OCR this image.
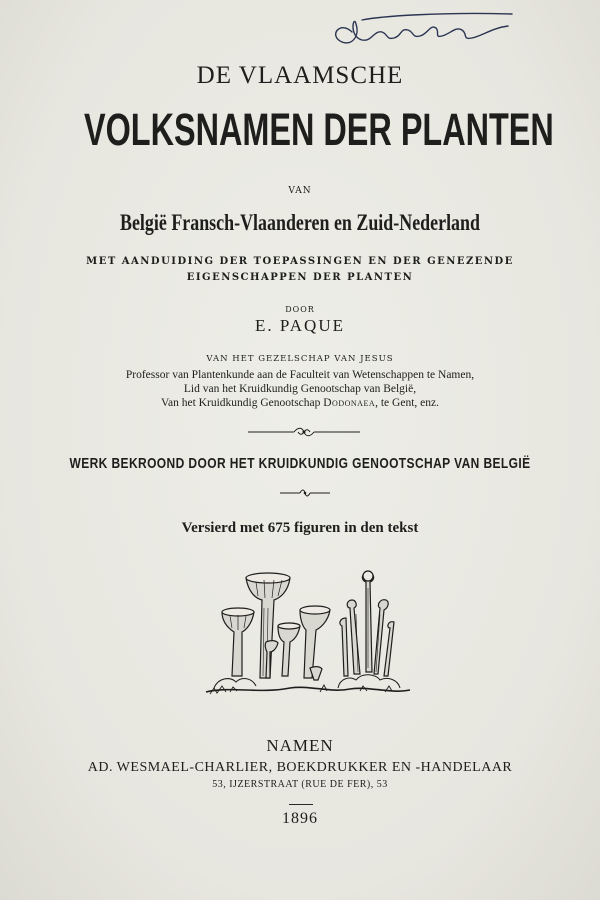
DE VLAAMSCHE
VOLKSNAMEN DER PLANTEN
VAN
België Fransch-Vlaanderen en Zuid-Nederland
MET AANDUIDING DER TOEPASSINGEN EN DER GENEZENDE
EIGENSCHAPPEN DER PLANTEN
DOOR
E. PAQUE
VAN HET GEZELSCHAP VAN JESUS
Professor van Plantenkunde aan de Faculteit van Wetenschappen te Namen,
Lid van het Kruidkundig Genootschap van België,
Van het Kruidkundig Genootschap Dodonaea, te Gent, enz.
WERK BEKROOND DOOR HET KRUIDKUNDIG GENOOTSCHAP VAN BELGIË
Versierd met 675 figuren in den tekst
NAMEN
AD. WESMAEL-CHARLIER, BOEKDRUKKER EN -HANDELAAR
53, IJZERSTRAAT (RUE DE FER), 53
1896
